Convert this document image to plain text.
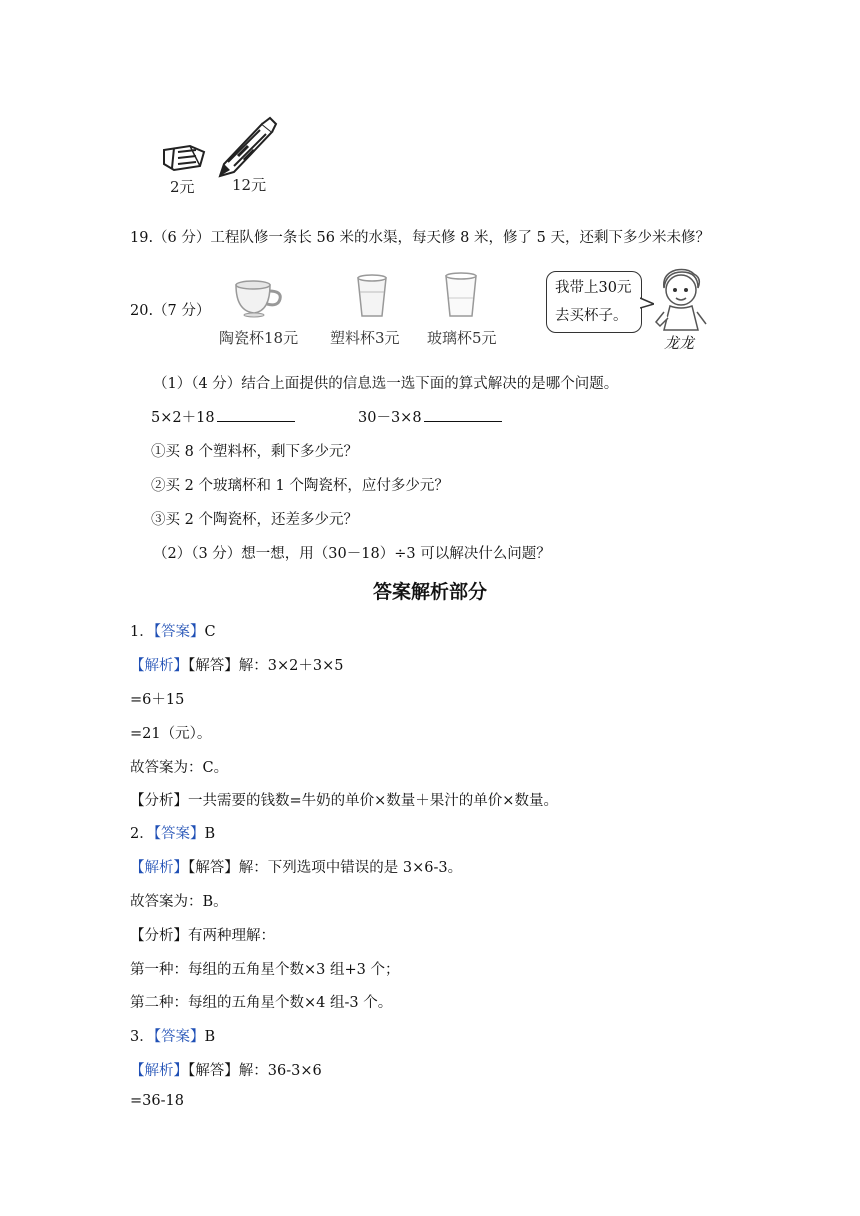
2元 12元
19.（6 分）工程队修一条长 56 米的水渠，每天修 8 米，修了 5 天，还剩下多少米未修？
20.（7 分）
陶瓷杯18元 塑料杯3元 玻璃杯5元
我带上30元
去买杯子。
龙龙
（1）（4 分）结合上面提供的信息选一选下面的算式解决的是哪个问题。
5×2＋18	30－3×8
①买 8 个塑料杯，剩下多少元？
②买 2 个玻璃杯和 1 个陶瓷杯，应付多少元？
③买 2 个陶瓷杯，还差多少元？
（2）（3 分）想一想，用（30－18）÷3 可以解决什么问题？
答案解析部分
1．【答案】C
【解析】【解答】解：3×2＋3×5
=6＋15
=21（元）。
故答案为：C。
【分析】一共需要的钱数=牛奶的单价×数量＋果汁的单价×数量。
2．【答案】B
【解析】【解答】解：下列选项中错误的是 3×6-3。
故答案为：B。
【分析】有两种理解：
第一种：每组的五角星个数×3 组+3 个；
第二种：每组的五角星个数×4 组-3 个。
3．【答案】B
【解析】【解答】解：36-3×6
=36-18
